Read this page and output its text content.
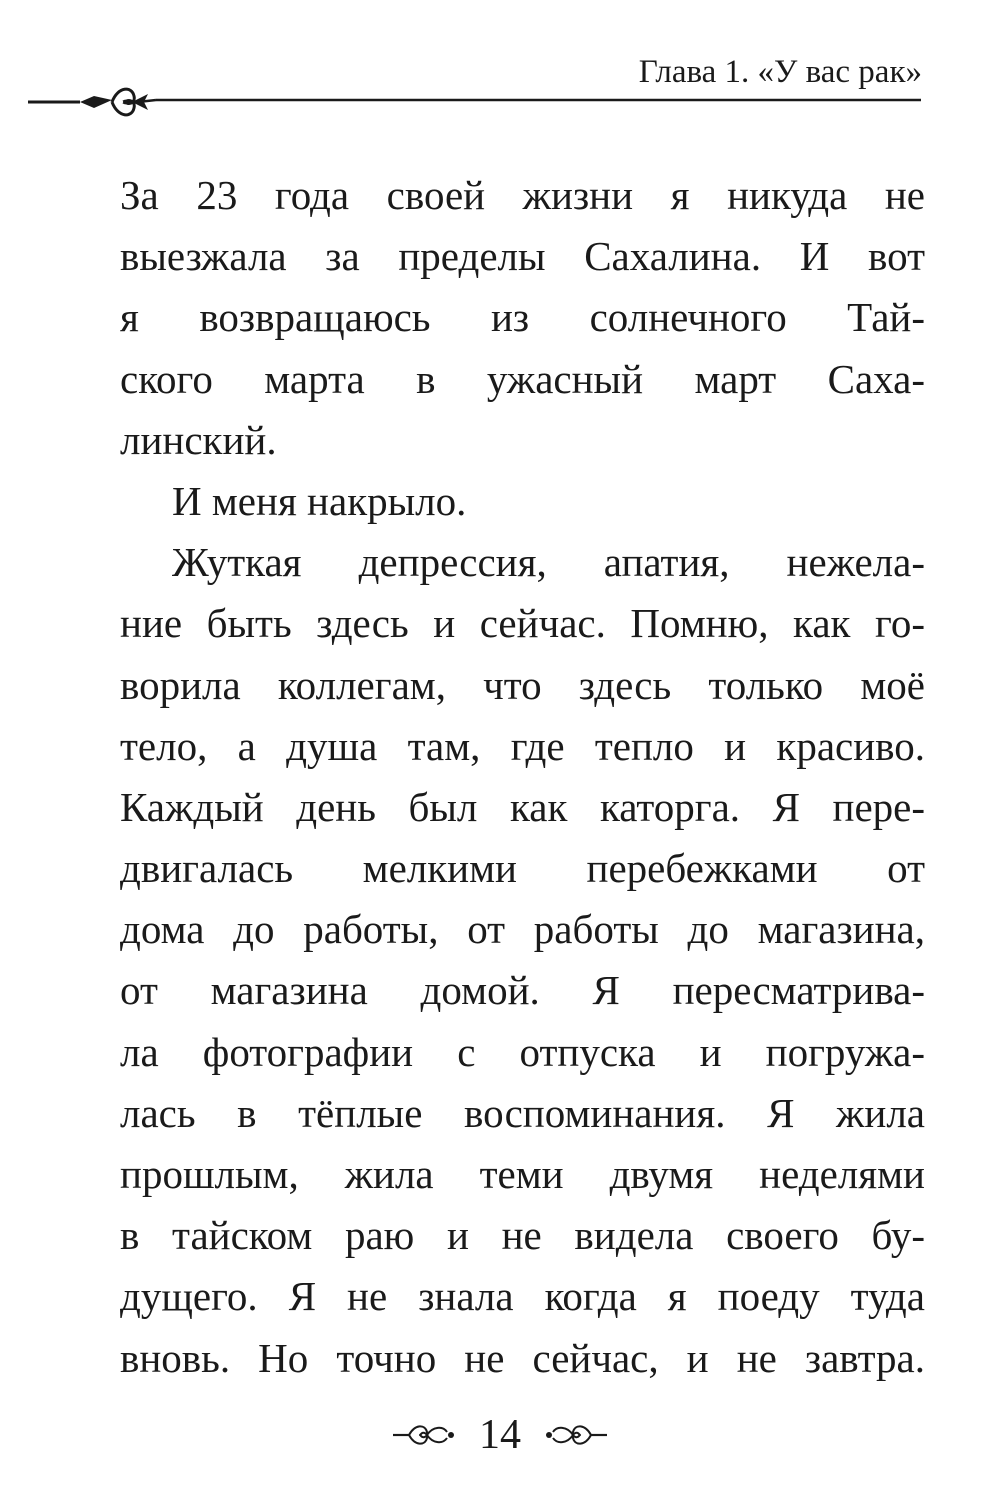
Глава 1. «У вас рак»
За 23 года своей жизни я никуда не
выезжала за пределы Сахалина. И вот
я возвращаюсь из солнечного Тай-
ского марта в ужасный март Саха-
линский.
И меня накрыло.
Жуткая депрессия, апатия, нежела-
ние быть здесь и сейчас. Помню, как го-
ворила коллегам, что здесь только моё
тело, а душа там, где тепло и красиво.
Каждый день был как каторга. Я пере-
двигалась мелкими перебежками от
дома до работы, от работы до магазина,
от магазина домой. Я пересматрива-
ла фотографии с отпуска и погружа-
лась в тёплые воспоминания. Я жила
прошлым, жила теми двумя неделями
в тайском раю и не видела своего бу-
дущего. Я не знала когда я поеду туда
вновь. Но точно не сейчас, и не завтра.
14
